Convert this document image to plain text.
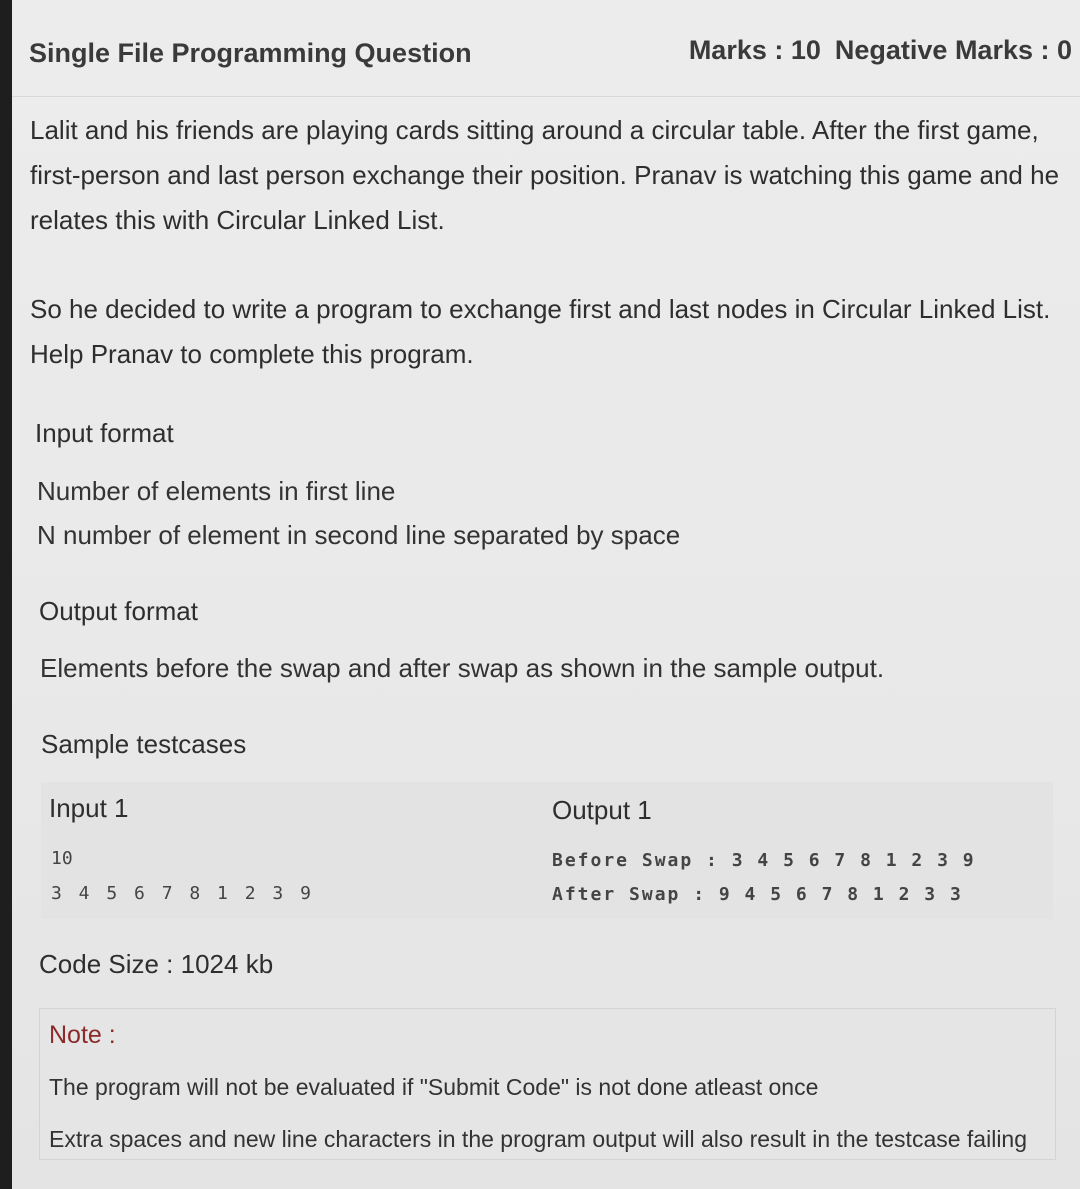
Single File Programming Question	Marks : 10 Negative Marks : 0
Lalit and his friends are playing cards sitting around a circular table. After the first game, first-person and last person exchange their position. Pranav is watching this game and he relates this with Circular Linked List.
So he decided to write a program to exchange first and last nodes in Circular Linked List. Help Pranav to complete this program.
Input format
Number of elements in first line
N number of element in second line separated by space
Output format
Elements before the swap and after swap as shown in the sample output.
Sample testcases
Input 1
10
3 4 5 6 7 8 1 2 3 9
Output 1
Before Swap : 3 4 5 6 7 8 1 2 3 9
After Swap : 9 4 5 6 7 8 1 2 3 3
Code Size : 1024 kb
Note :
The program will not be evaluated if "Submit Code" is not done atleast once
Extra spaces and new line characters in the program output will also result in the testcase failing
